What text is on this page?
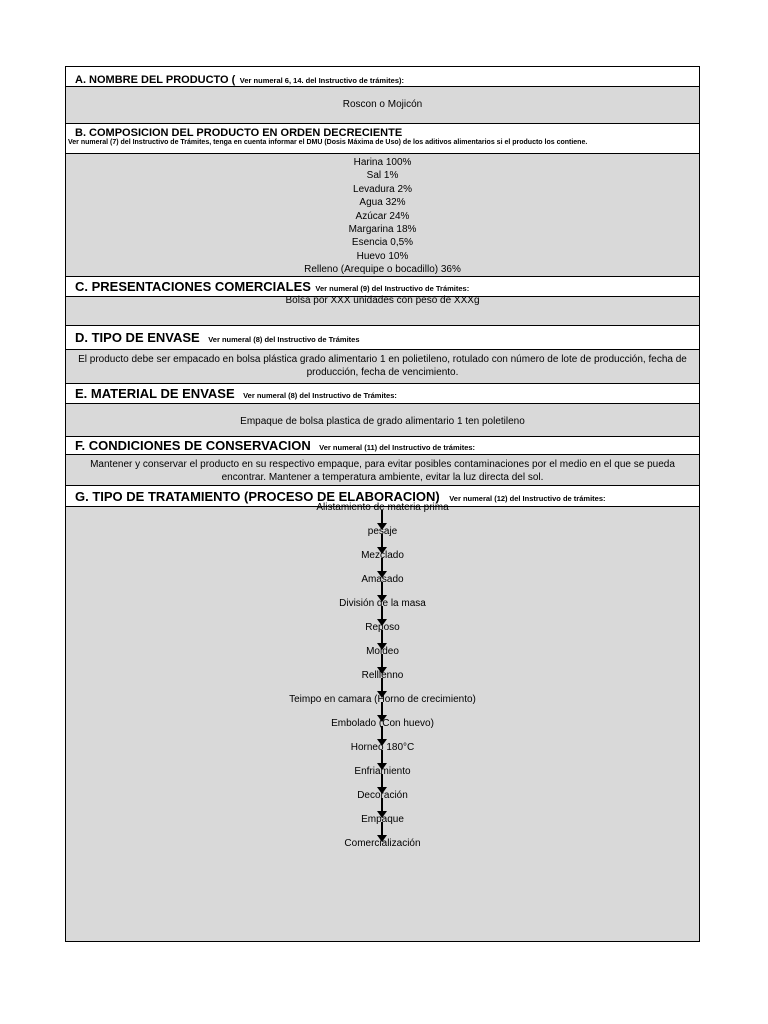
A. NOMBRE DEL PRODUCTO ( Ver numeral 6, 14. del Instructivo de trámites):
Roscon o Mojicón
B. COMPOSICION DEL PRODUCTO EN ORDEN DECRECIENTE
Ver numeral (7) del Instructivo de Trámites, tenga en cuenta informar el DMU (Dosis Máxima de Uso) de los aditivos alimentarios si el producto los contiene.
Harina 100%
Sal 1%
Levadura 2%
Agua 32%
Azúcar 24%
Margarina 18%
Esencia 0,5%
Huevo 10%
Relleno (Arequipe o bocadillo) 36%
C. PRESENTACIONES COMERCIALES Ver numeral (9) del Instructivo de Trámites:
Bolsa por XXX unidades con peso de XXXg
D. TIPO DE ENVASE Ver numeral (8) del Instructivo de Trámites
El producto debe ser empacado en bolsa plástica grado alimentario 1 en polietileno, rotulado con número de lote de producción, fecha de producción, fecha de vencimiento.
E. MATERIAL DE ENVASE Ver numeral (8) del Instructivo de Trámites:
Empaque de bolsa plastica de grado alimentario 1 ten poletileno
F. CONDICIONES DE CONSERVACION Ver numeral (11) del Instructivo de trámites:
Mantener y conservar el producto en su respectivo empaque, para evitar posibles contaminaciones por el medio en el que se pueda encontrar. Mantener a temperatura ambiente, evitar la luz directa del sol.
G. TIPO DE TRATAMIENTO (PROCESO DE ELABORACION) Ver numeral (12) del Instructivo de trámites:
Alistamiento de materia prima
pesaje
Mezclado
Amasado
División de la masa
Reposo
Moldeo
Relllenno
Teimpo en camara (Horno de crecimiento)
Embolado (Con huevo)
Horneo 180°C
Enfriamiento
Decoración
Empaque
Comercialización
